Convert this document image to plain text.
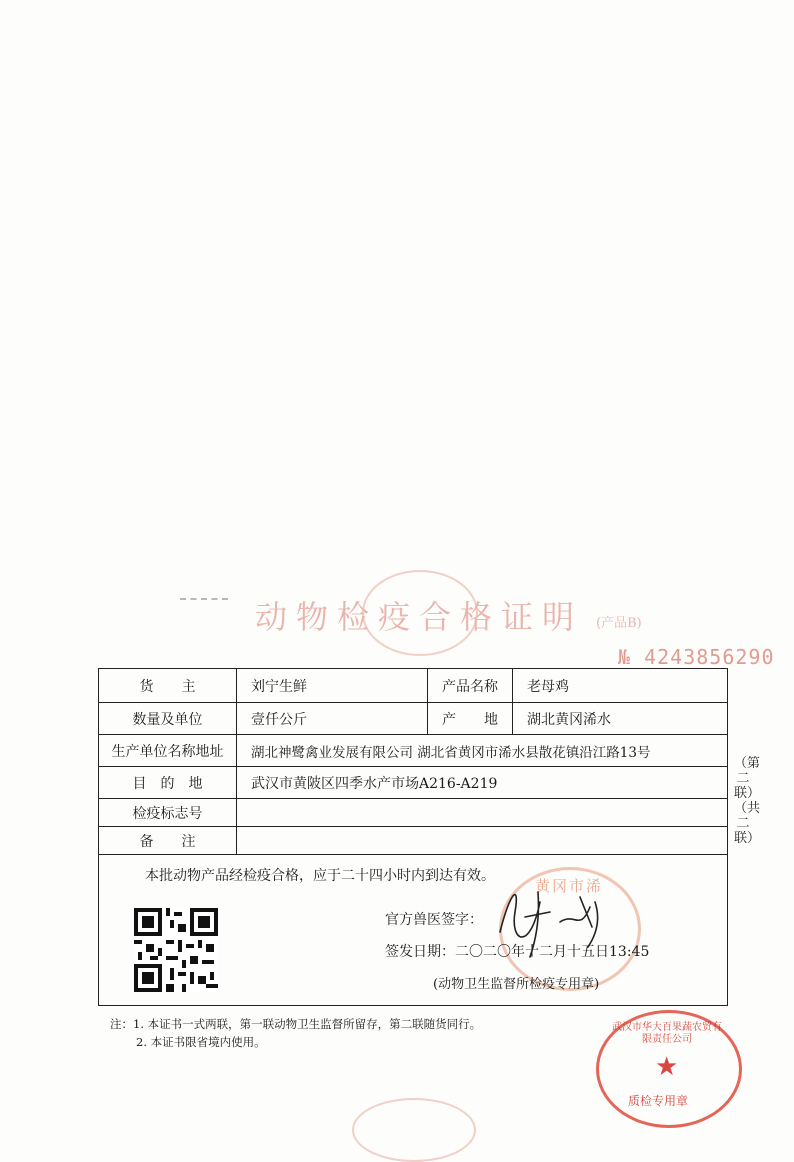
动物检疫合格证明 (产品B)
№ 4243856290
货　　主	刘宁生鲜	产品名称	老母鸡
数量及单位	壹仟公斤	产　　地	湖北黄冈浠水
生产单位名称地址	湖北神鹭禽业发展有限公司 湖北省黄冈市浠水县散花镇沿江路13号
目　的　地	武汉市黄陂区四季水产市场A216-A219
检疫标志号
备　　注
本批动物产品经检疫合格，应于二十四小时内到达有效。
黄冈市浠
官方兽医签字：
签发日期： 二〇二〇年十二月十五日13:45
(动物卫生监督所检疫专用章)
（第二联）（共二联）
注：1. 本证书一式两联，第一联动物卫生监督所留存，第二联随货同行。
2. 本证书限省境内使用。
武汉市华大百果蔬农贸有限责任公司
★
质检专用章
